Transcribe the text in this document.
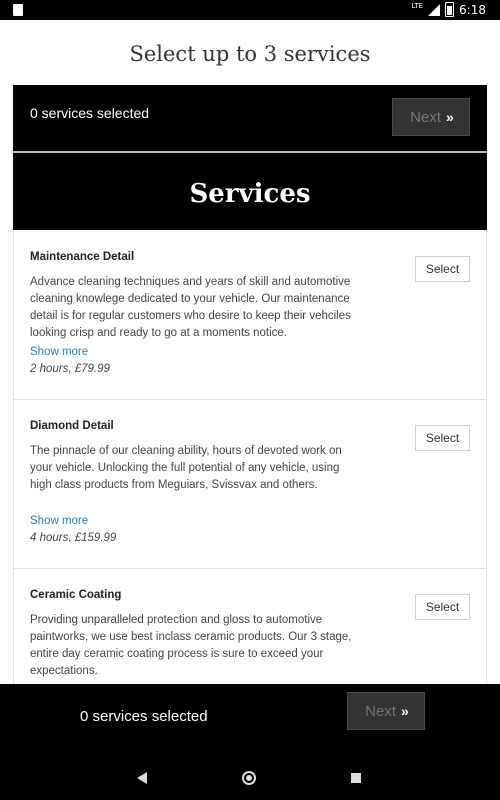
LTE	6:18
Select up to 3 services
0 services selected	Next »
Services
Maintenance Detail
Advance cleaning techniques and years of skill and automotive cleaning knowlege dedicated to your vehicle. Our maintenance detail is for regular customers who desire to keep their vehciles looking crisp and ready to go at a moments notice.
Show more
2 hours, £79.99
Select
Diamond Detail
The pinnacle of our cleaning ability, hours of devoted work on your vehicle. Unlocking the full potential of any vehicle, using high class products from Meguiars, Svissvax and others.
Show more
4 hours, £159.99
Select
Ceramic Coating
Providing unparalleled protection and gloss to automotive paintworks, we use best inclass ceramic products. Our 3 stage, entire day ceramic coating process is sure to exceed your expectations.
Select
0 services selected	Next »
